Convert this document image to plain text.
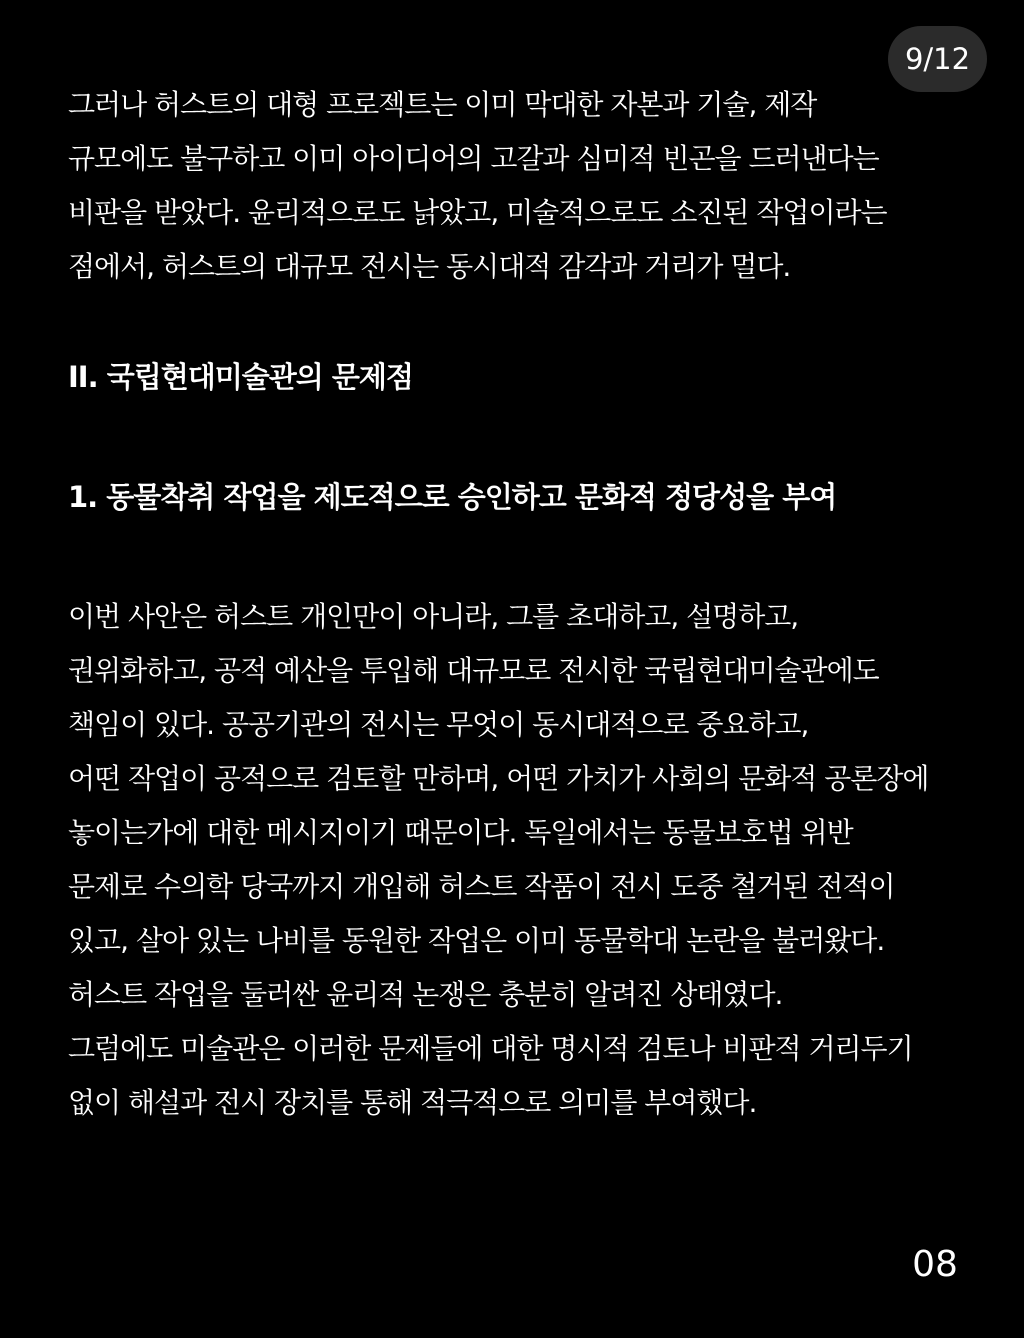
9/12

그러나 허스트의 대형 프로젝트는 이미 막대한 자본과 기술, 제작
규모에도 불구하고 이미 아이디어의 고갈과 심미적 빈곤을 드러낸다는
비판을 받았다. 윤리적으로도 낡았고, 미술적으로도 소진된 작업이라는
점에서, 허스트의 대규모 전시는 동시대적 감각과 거리가 멀다.

II. 국립현대미술관의 문제점
1. 동물착취 작업을 제도적으로 승인하고 문화적 정당성을 부여

이번 사안은 허스트 개인만이 아니라, 그를 초대하고, 설명하고,
권위화하고, 공적 예산을 투입해 대규모로 전시한 국립현대미술관에도
책임이 있다. 공공기관의 전시는 무엇이 동시대적으로 중요하고,
어떤 작업이 공적으로 검토할 만하며, 어떤 가치가 사회의 문화적 공론장에
놓이는가에 대한 메시지이기 때문이다. 독일에서는 동물보호법 위반
문제로 수의학 당국까지 개입해 허스트 작품이 전시 도중 철거된 전적이
있고, 살아 있는 나비를 동원한 작업은 이미 동물학대 논란을 불러왔다.
허스트 작업을 둘러싼 윤리적 논쟁은 충분히 알려진 상태였다.
그럼에도 미술관은 이러한 문제들에 대한 명시적 검토나 비판적 거리두기
없이 해설과 전시 장치를 통해 적극적으로 의미를 부여했다.

08
